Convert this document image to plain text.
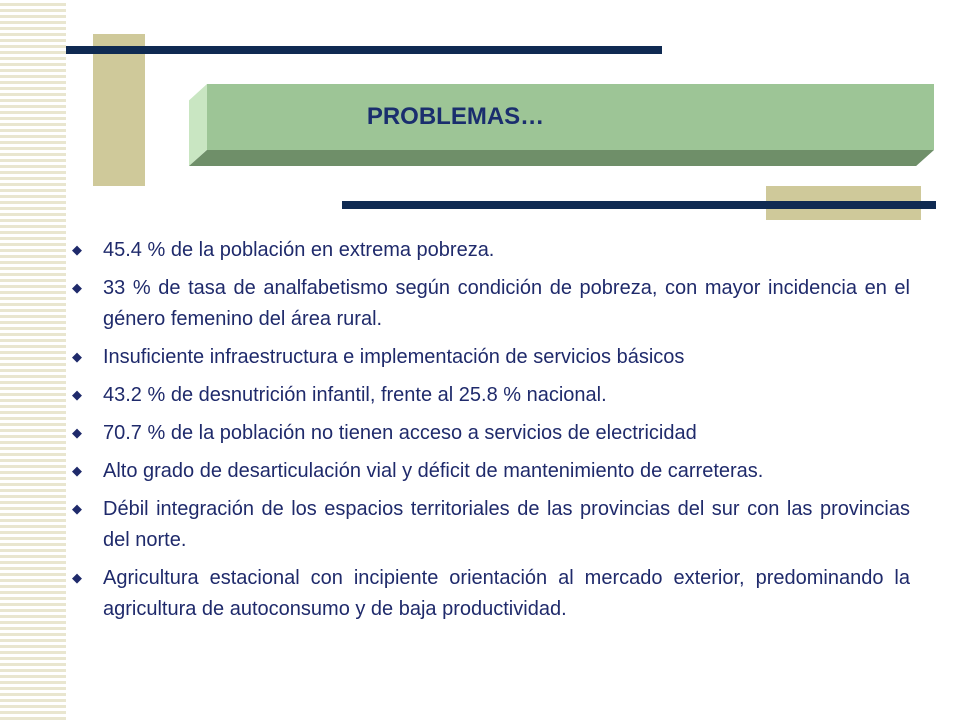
PROBLEMAS…
◆ 45.4 % de la población en extrema pobreza.
◆ 33 % de tasa de analfabetismo según condición de pobreza, con mayor incidencia en el género femenino del área rural.
◆ Insuficiente infraestructura e implementación de servicios básicos
◆ 43.2 % de desnutrición infantil, frente al 25.8 % nacional.
◆ 70.7 % de la población no tienen acceso a servicios de electricidad
◆ Alto grado de desarticulación vial y déficit de mantenimiento de carreteras.
◆ Débil integración de los espacios territoriales de las provincias del sur con las provincias del norte.
◆ Agricultura estacional con incipiente orientación al mercado exterior, predominando la agricultura de autoconsumo y de baja productividad.
